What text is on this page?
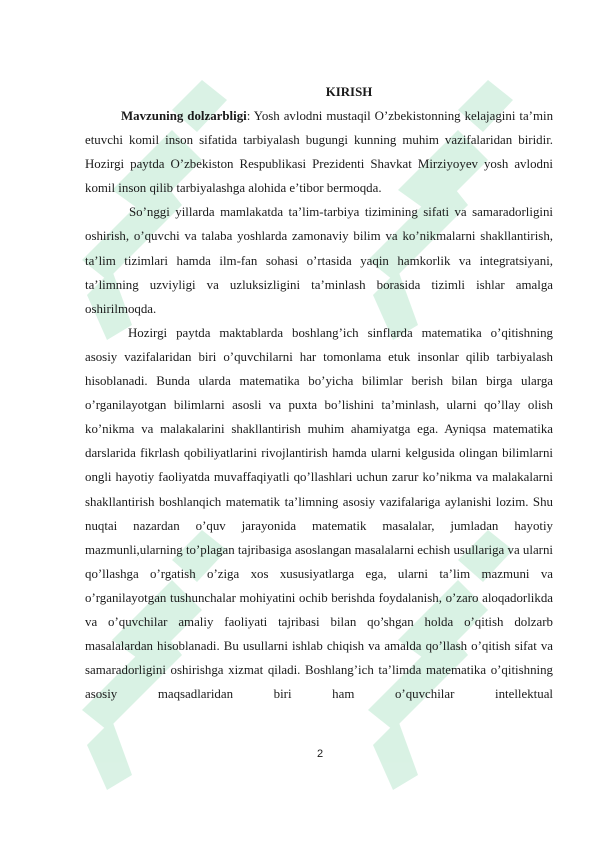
KIRISH

Mavzuning dolzarbligi: Yosh avlodni mustaqil O’zbekistonning kelajagini ta’min etuvchi komil inson sifatida tarbiyalash bugungi kunning muhim vazifalaridan biridir. Hozirgi paytda O’zbekiston Respublikasi Prezidenti Shavkat Mirziyoyev yosh avlodni komil inson qilib tarbiyalashga alohida e’tibor bermoqda.

So’nggi yillarda mamlakatda ta’lim-tarbiya tizimining sifati va samaradorligini oshirish, o’quvchi va talaba yoshlarda zamonaviy bilim va ko’nikmalarni shakllantirish, ta’lim tizimlari hamda ilm-fan sohasi o’rtasida yaqin hamkorlik va integratsiyani, ta’limning uzviyligi va uzluksizligini ta’minlash borasida tizimli ishlar amalga oshirilmoqda.

Hozirgi paytda maktablarda boshlang’ich sinflarda matematika o’qitishning asosiy vazifalaridan biri o’quvchilarni har tomonlama etuk insonlar qilib tarbiyalash hisoblanadi. Bunda ularda matematika bo’yicha bilimlar berish bilan birga ularga o’rganilayotgan bilimlarni asosli va puxta bo’lishini ta’minlash, ularni qo’llay olish ko’nikma va malakalarini shakllantirish muhim ahamiyatga ega. Ayniqsa matematika darslarida fikrlash qobiliyatlarini rivojlantirish hamda ularni kelgusida olingan bilimlarni ongli hayotiy faoliyatda muvaffaqiyatli qo’llashlari uchun zarur ko’nikma va malakalarni shakllantirish boshlanqich matematik ta’limning asosiy vazifalariga aylanishi lozim. Shu nuqtai nazardan o’quv jarayonida matematik masalalar, jumladan hayotiy mazmunli,ularning to’plagan tajribasiga asoslangan masalalarni echish usullariga va ularni qo’llashga o’rgatish o’ziga xos xususiyatlarga ega, ularni ta’lim mazmuni va o’rganilayotgan tushunchalar mohiyatini ochib berishda foydalanish, o’zaro aloqadorlikda va o’quvchilar amaliy faoliyati tajribasi bilan qo’shgan holda o’qitish dolzarb masalalardan hisoblanadi. Bu usullarni ishlab chiqish va amalda qo’llash o’qitish sifat va samaradorligini oshirishga xizmat qiladi. Boshlang’ich ta’limda matematika o’qitishning asosiy maqsadlaridan biri ham o’quvchilar intellektual

2
